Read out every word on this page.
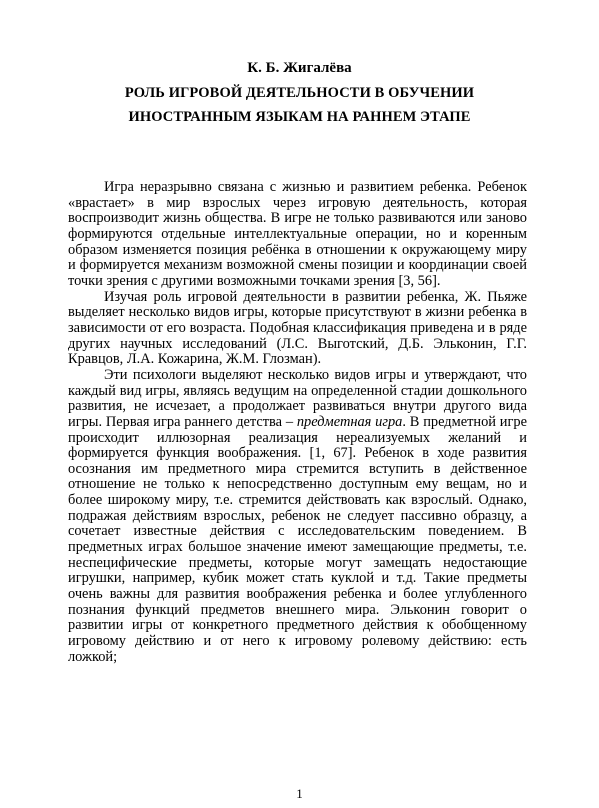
К. Б. Жигалёва
РОЛЬ ИГРОВОЙ ДЕЯТЕЛЬНОСТИ В ОБУЧЕНИИ
ИНОСТРАННЫМ ЯЗЫКАМ НА РАННЕМ ЭТАПЕ

Игра неразрывно связана с жизнью и развитием ребенка. Ребенок «врастает» в мир взрослых через игровую деятельность, которая воспроизводит жизнь общества. В игре не только развиваются или заново формируются отдельные интеллектуальные операции, но и коренным образом изменяется позиция ребёнка в отношении к окружающему миру и формируется механизм возможной смены позиции и координации своей точки зрения с другими возможными точками зрения [3, 56].

Изучая роль игровой деятельности в развитии ребенка, Ж. Пьяже выделяет несколько видов игры, которые присутствуют в жизни ребенка в зависимости от его возраста. Подобная классификация приведена и в ряде других научных исследований (Л.С. Выготский, Д.Б. Эльконин, Г.Г. Кравцов, Л.А. Кожарина, Ж.М. Глозман).

Эти психологи выделяют несколько видов игры и утверждают, что каждый вид игры, являясь ведущим на определенной стадии дошкольного развития, не исчезает, а продолжает развиваться внутри другого вида игры. Первая игра раннего детства – предметная игра. В предметной игре происходит иллюзорная реализация нереализуемых желаний и формируется функция воображения. [1, 67]. Ребенок в ходе развития осознания им предметного мира стремится вступить в действенное отношение не только к непосредственно доступным ему вещам, но и более широкому миру, т.е. стремится действовать как взрослый. Однако, подражая действиям взрослых, ребенок не следует пассивно образцу, а сочетает известные действия с исследовательским поведением. В предметных играх большое значение имеют замещающие предметы, т.е. неспецифические предметы, которые могут замещать недостающие игрушки, например, кубик может стать куклой и т.д. Такие предметы очень важны для развития воображения ребенка и более углубленного познания функций предметов внешнего мира. Эльконин говорит о развитии игры от конкретного предметного действия к обобщенному игровому действию и от него к игровому ролевому действию: есть ложкой;

1
